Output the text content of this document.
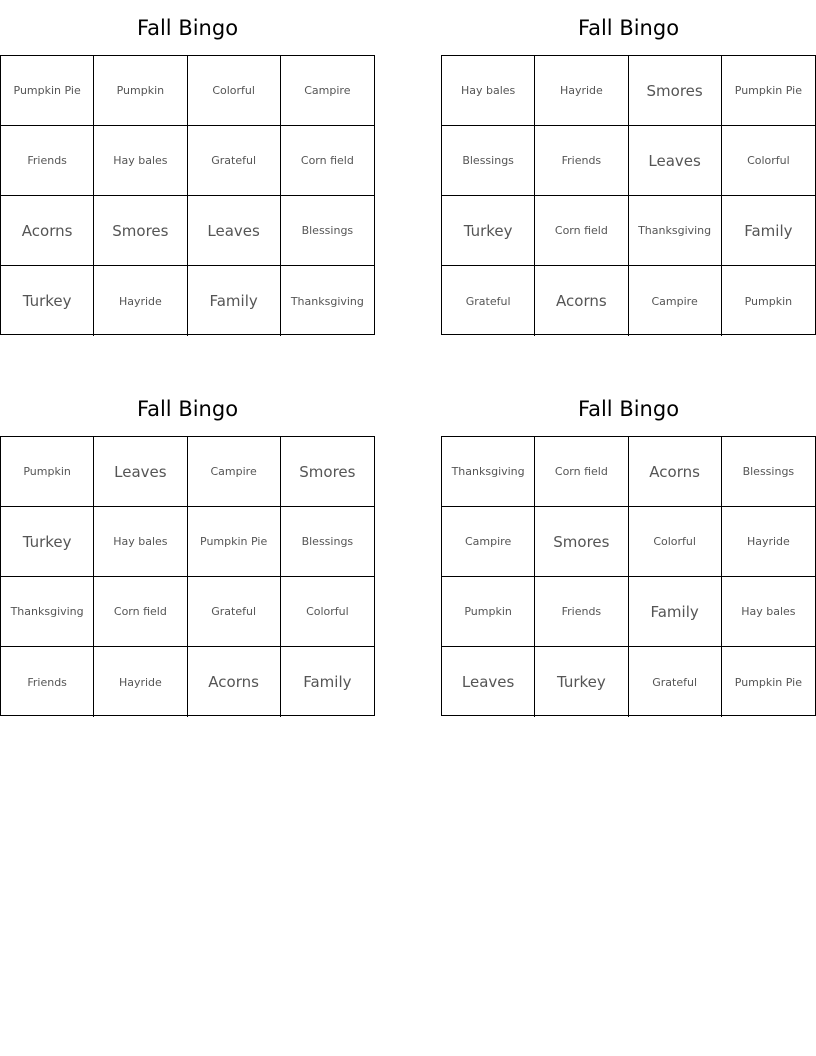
Fall Bingo
Pumpkin Pie	Pumpkin	Colorful	Campire
Friends	Hay bales	Grateful	Corn field
Acorns	Smores	Leaves	Blessings
Turkey	Hayride	Family	Thanksgiving
Fall Bingo
Hay bales	Hayride	Smores	Pumpkin Pie
Blessings	Friends	Leaves	Colorful
Turkey	Corn field	Thanksgiving	Family
Grateful	Acorns	Campire	Pumpkin
Fall Bingo
Pumpkin	Leaves	Campire	Smores
Turkey	Hay bales	Pumpkin Pie	Blessings
Thanksgiving	Corn field	Grateful	Colorful
Friends	Hayride	Acorns	Family
Fall Bingo
Thanksgiving	Corn field	Acorns	Blessings
Campire	Smores	Colorful	Hayride
Pumpkin	Friends	Family	Hay bales
Leaves	Turkey	Grateful	Pumpkin Pie
